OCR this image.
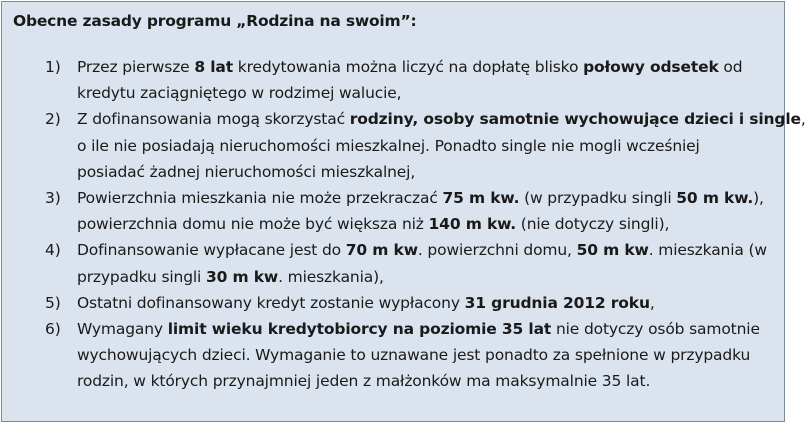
Obecne zasady programu „Rodzina na swoim”:
1) Przez pierwsze 8 lat kredytowania można liczyć na dopłatę blisko połowy odsetek od
kredytu zaciągniętego w rodzimej walucie,
2) Z dofinansowania mogą skorzystać rodziny, osoby samotnie wychowujące dzieci i single,
o ile nie posiadają nieruchomości mieszkalnej. Ponadto single nie mogli wcześniej
posiadać żadnej nieruchomości mieszkalnej,
3) Powierzchnia mieszkania nie może przekraczać 75 m kw. (w przypadku singli 50 m kw.),
powierzchnia domu nie może być większa niż 140 m kw. (nie dotyczy singli),
4) Dofinansowanie wypłacane jest do 70 m kw. powierzchni domu, 50 m kw. mieszkania (w
przypadku singli 30 m kw. mieszkania),
5) Ostatni dofinansowany kredyt zostanie wypłacony 31 grudnia 2012 roku,
6) Wymagany limit wieku kredytobiorcy na poziomie 35 lat nie dotyczy osób samotnie
wychowujących dzieci. Wymaganie to uznawane jest ponadto za spełnione w przypadku
rodzin, w których przynajmniej jeden z małżonków ma maksymalnie 35 lat.
